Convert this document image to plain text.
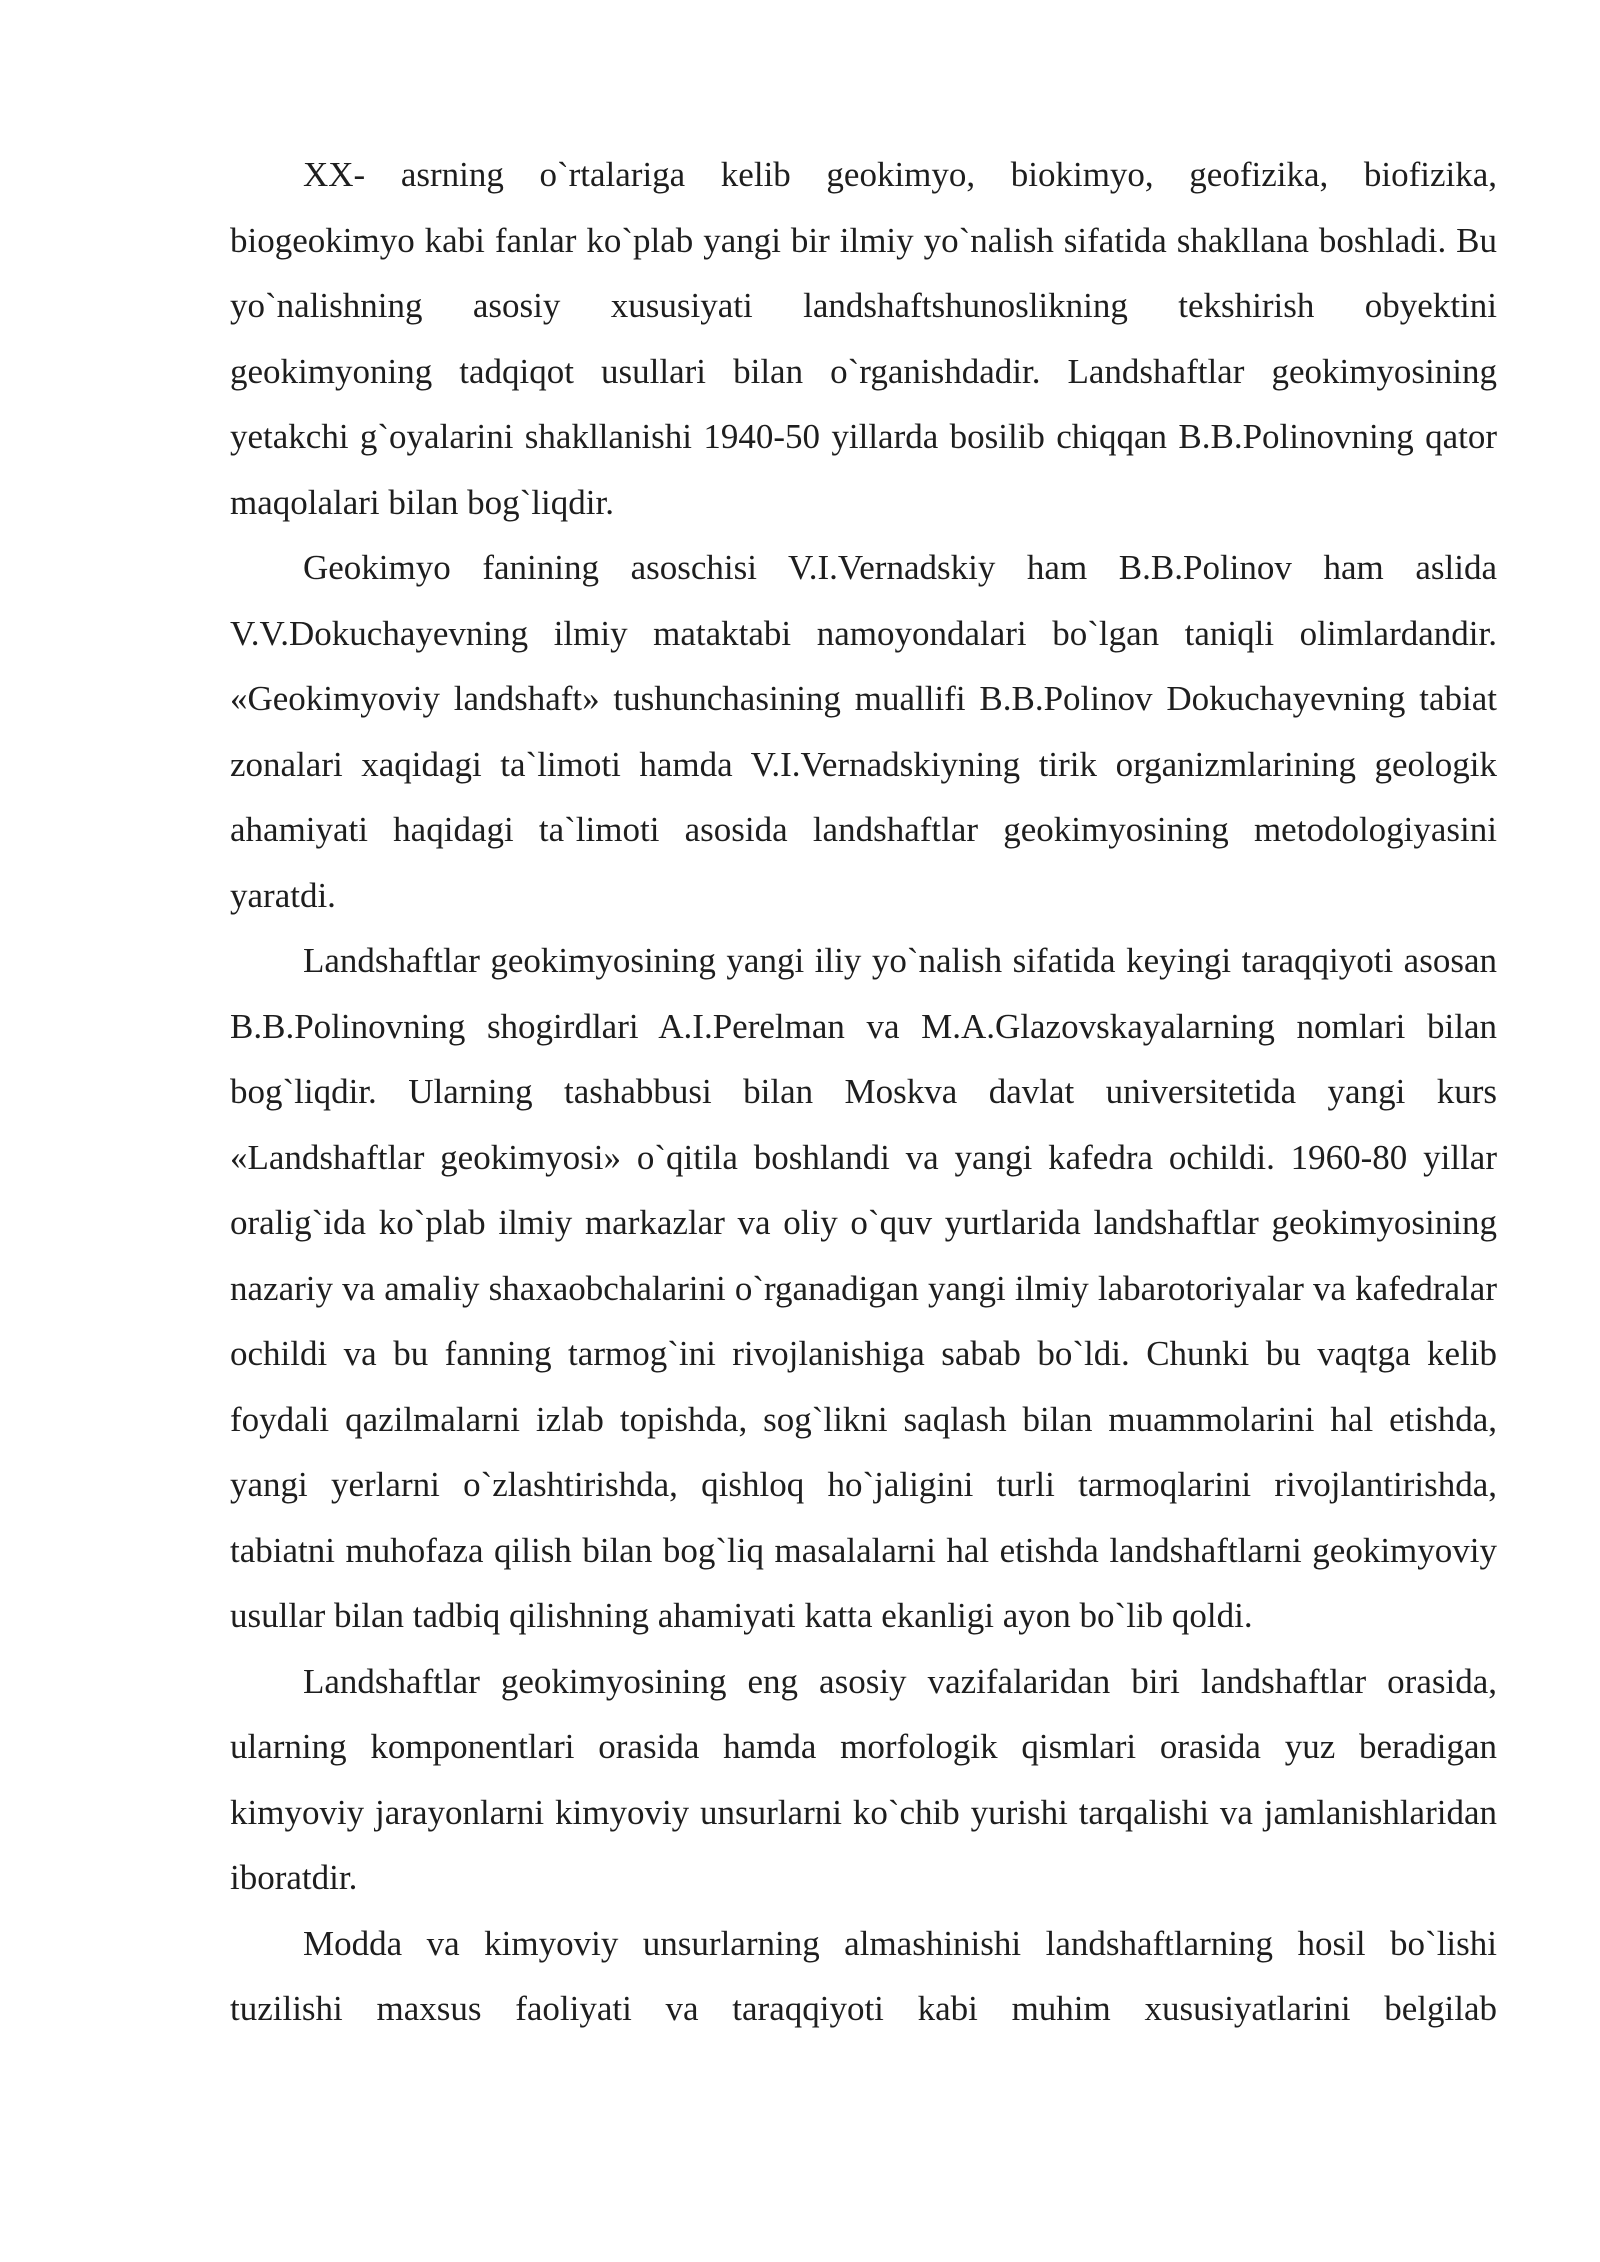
XX- asrning o`rtalariga kelib geokimyo, biokimyo, geofizika, biofizika, biogeokimyo kabi fanlar ko`plab yangi bir ilmiy yo`nalish sifatida shakllana boshladi. Bu yo`nalishning asosiy xususiyati landshaftshunoslikning tekshirish obyektini geokimyoning tadqiqot usullari bilan o`rganishdadir. Landshaftlar geokimyosining yetakchi g`oyalarini shakllanishi 1940-50 yillarda bosilib chiqqan B.B.Polinovning qator maqolalari bilan bog`liqdir.

Geokimyo fanining asoschisi V.I.Vernadskiy ham B.B.Polinov ham aslida V.V.Dokuchayevning ilmiy mataktabi namoyondalari bo`lgan taniqli olimlardandir. «Geokimyoviy landshaft» tushunchasining muallifi B.B.Polinov Dokuchayevning tabiat zonalari xaqidagi ta`limoti hamda V.I.Vernadskiyning tirik organizmlarining geologik ahamiyati haqidagi ta`limoti asosida landshaftlar geokimyosining metodologiyasini yaratdi.

Landshaftlar geokimyosining yangi iliy yo`nalish sifatida keyingi taraqqiyoti asosan B.B.Polinovning shogirdlari A.I.Perelman va M.A.Glazovskayalarning nomlari bilan bog`liqdir. Ularning tashabbusi bilan Moskva davlat universitetida yangi kurs «Landshaftlar geokimyosi» o`qitila boshlandi va yangi kafedra ochildi. 1960-80 yillar oralig`ida ko`plab ilmiy markazlar va oliy o`quv yurtlarida landshaftlar geokimyosining nazariy va amaliy shaxaobchalarini o`rganadigan yangi ilmiy labarotoriyalar va kafedralar ochildi va bu fanning tarmog`ini rivojlanishiga sabab bo`ldi. Chunki bu vaqtga kelib foydali qazilmalarni izlab topishda, sog`likni saqlash bilan muammolarini hal etishda, yangi yerlarni o`zlashtirishda, qishloq ho`jaligini turli tarmoqlarini rivojlantirishda, tabiatni muhofaza qilish bilan bog`liq masalalarni hal etishda landshaftlarni geokimyoviy usullar bilan tadbiq qilishning ahamiyati katta ekanligi ayon bo`lib qoldi.

Landshaftlar geokimyosining eng asosiy vazifalaridan biri landshaftlar orasida, ularning komponentlari orasida hamda morfologik qismlari orasida yuz beradigan kimyoviy jarayonlarni kimyoviy unsurlarni ko`chib yurishi tarqalishi va jamlanishlaridan iboratdir.

Modda va kimyoviy unsurlarning almashinishi landshaftlarning hosil bo`lishi tuzilishi maxsus faoliyati va taraqqiyoti kabi muhim xususiyatlarini belgilab
